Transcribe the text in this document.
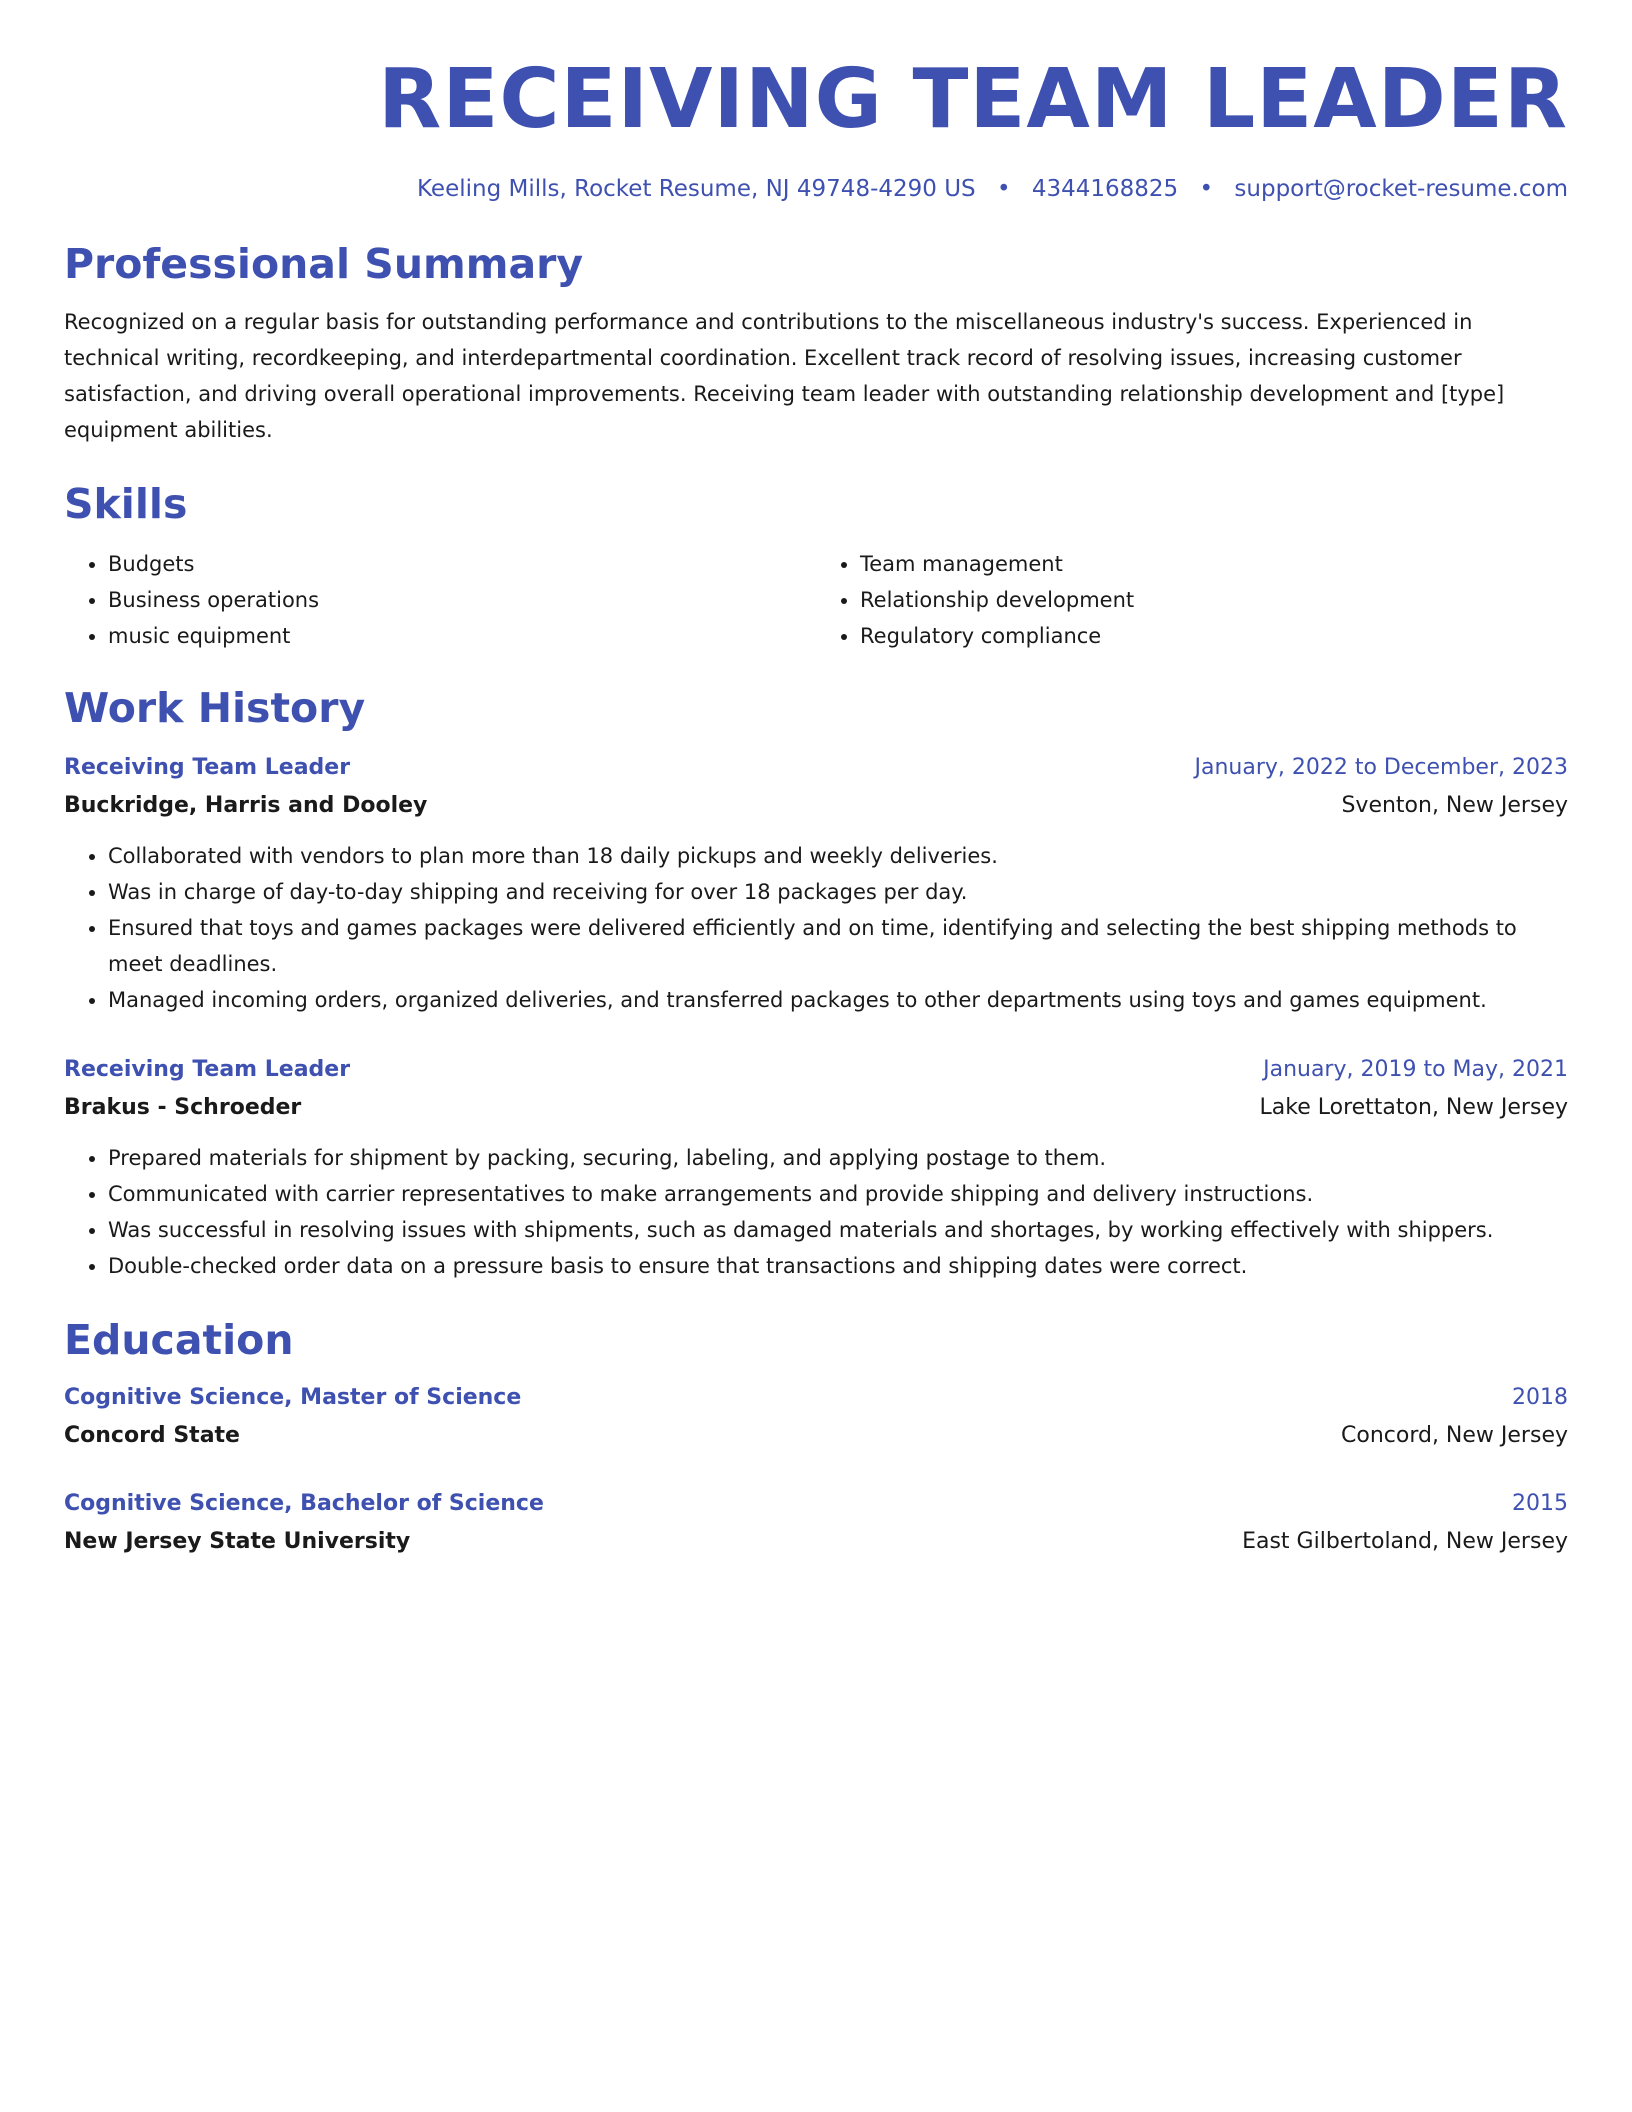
RECEIVING TEAM LEADER
Keeling Mills, Rocket Resume, NJ 49748-4290 US • 4344168825 • support@rocket-resume.com
Professional Summary
Recognized on a regular basis for outstanding performance and contributions to the miscellaneous industry's success. Experienced in technical writing, recordkeeping, and interdepartmental coordination. Excellent track record of resolving issues, increasing customer satisfaction, and driving overall operational improvements. Receiving team leader with outstanding relationship development and [type] equipment abilities.
Skills
• Budgets
• Business operations
• music equipment
• Team management
• Relationship development
• Regulatory compliance
Work History
Receiving Team Leader	January, 2022 to December, 2023
Buckridge, Harris and Dooley	Sventon, New Jersey
• Collaborated with vendors to plan more than 18 daily pickups and weekly deliveries.
• Was in charge of day-to-day shipping and receiving for over 18 packages per day.
• Ensured that toys and games packages were delivered efficiently and on time, identifying and selecting the best shipping methods to meet deadlines.
• Managed incoming orders, organized deliveries, and transferred packages to other departments using toys and games equipment.
Receiving Team Leader	January, 2019 to May, 2021
Brakus - Schroeder	Lake Lorettaton, New Jersey
• Prepared materials for shipment by packing, securing, labeling, and applying postage to them.
• Communicated with carrier representatives to make arrangements and provide shipping and delivery instructions.
• Was successful in resolving issues with shipments, such as damaged materials and shortages, by working effectively with shippers.
• Double-checked order data on a pressure basis to ensure that transactions and shipping dates were correct.
Education
Cognitive Science, Master of Science	2018
Concord State	Concord, New Jersey
Cognitive Science, Bachelor of Science	2015
New Jersey State University	East Gilbertoland, New Jersey
